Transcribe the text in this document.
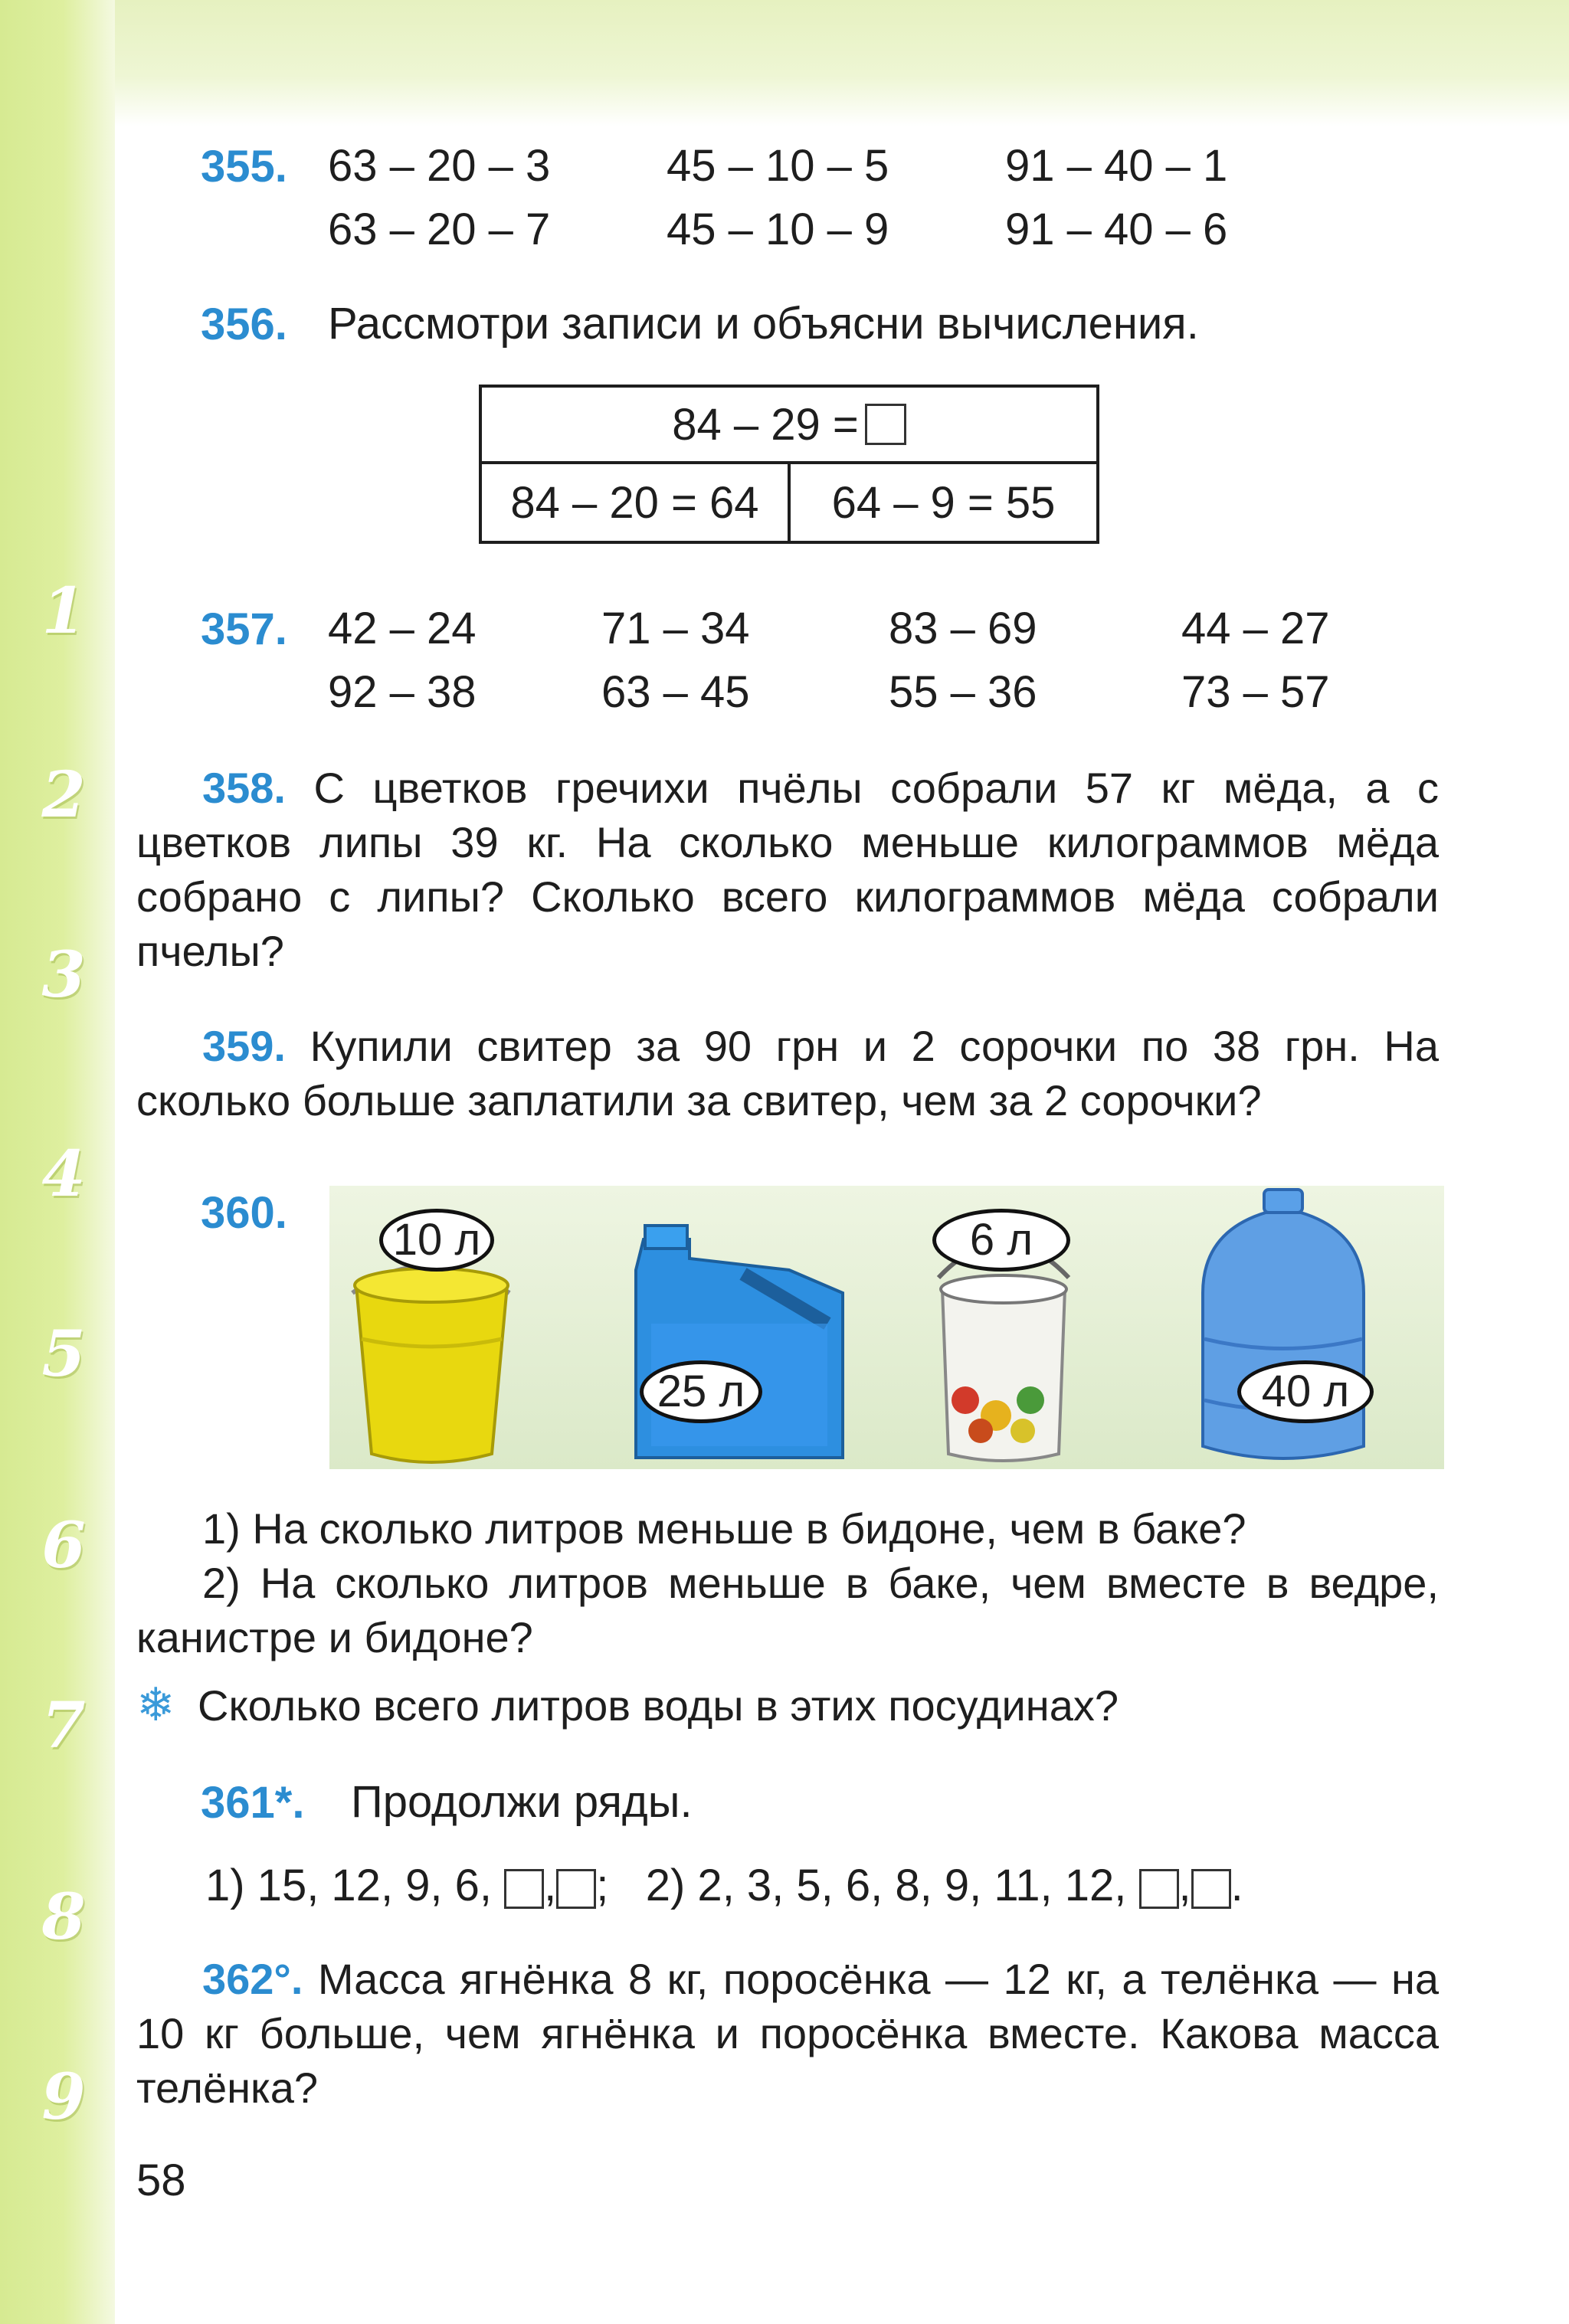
1
2
3
4
5
6
7
8
9
355. 63 – 20 – 3	45 – 10 – 5	91 – 40 – 1
63 – 20 – 7	45 – 10 – 9	91 – 40 – 6
356. Рассмотри записи и объясни вычисления.
84 – 29 =
84 – 20 = 64	64 – 9 = 55
357. 42 – 24	71 – 34	83 – 69	44 – 27
92 – 38	63 – 45	55 – 36	73 – 57
358. С цветков гречихи пчёлы собрали 57 кг мёда, а с цветков липы 39 кг. На сколько меньше килограммов мёда собрано с липы? Сколько всего килограммов мёда собрали пчелы?
359. Купили свитер за 90 грн и 2 сорочки по 38 грн. На сколько больше заплатили за свитер, чем за 2 сорочки?
360.
10 л
25 л
6 л
40 л
1) На сколько литров меньше в бидоне, чем в баке?
2) На сколько литров меньше в баке, чем вместе в ведре, канистре и бидоне?
❄ Сколько всего литров воды в этих посудинах?
361*. Продолжи ряды.
1) 15, 12, 9, 6, , ;   2) 2, 3, 5, 6, 8, 9, 11, 12, , .
362°. Масса ягнёнка 8 кг, поросёнка — 12 кг, а телёнка — на 10 кг больше, чем ягнёнка и поросёнка вместе. Какова масса телёнка?
58
